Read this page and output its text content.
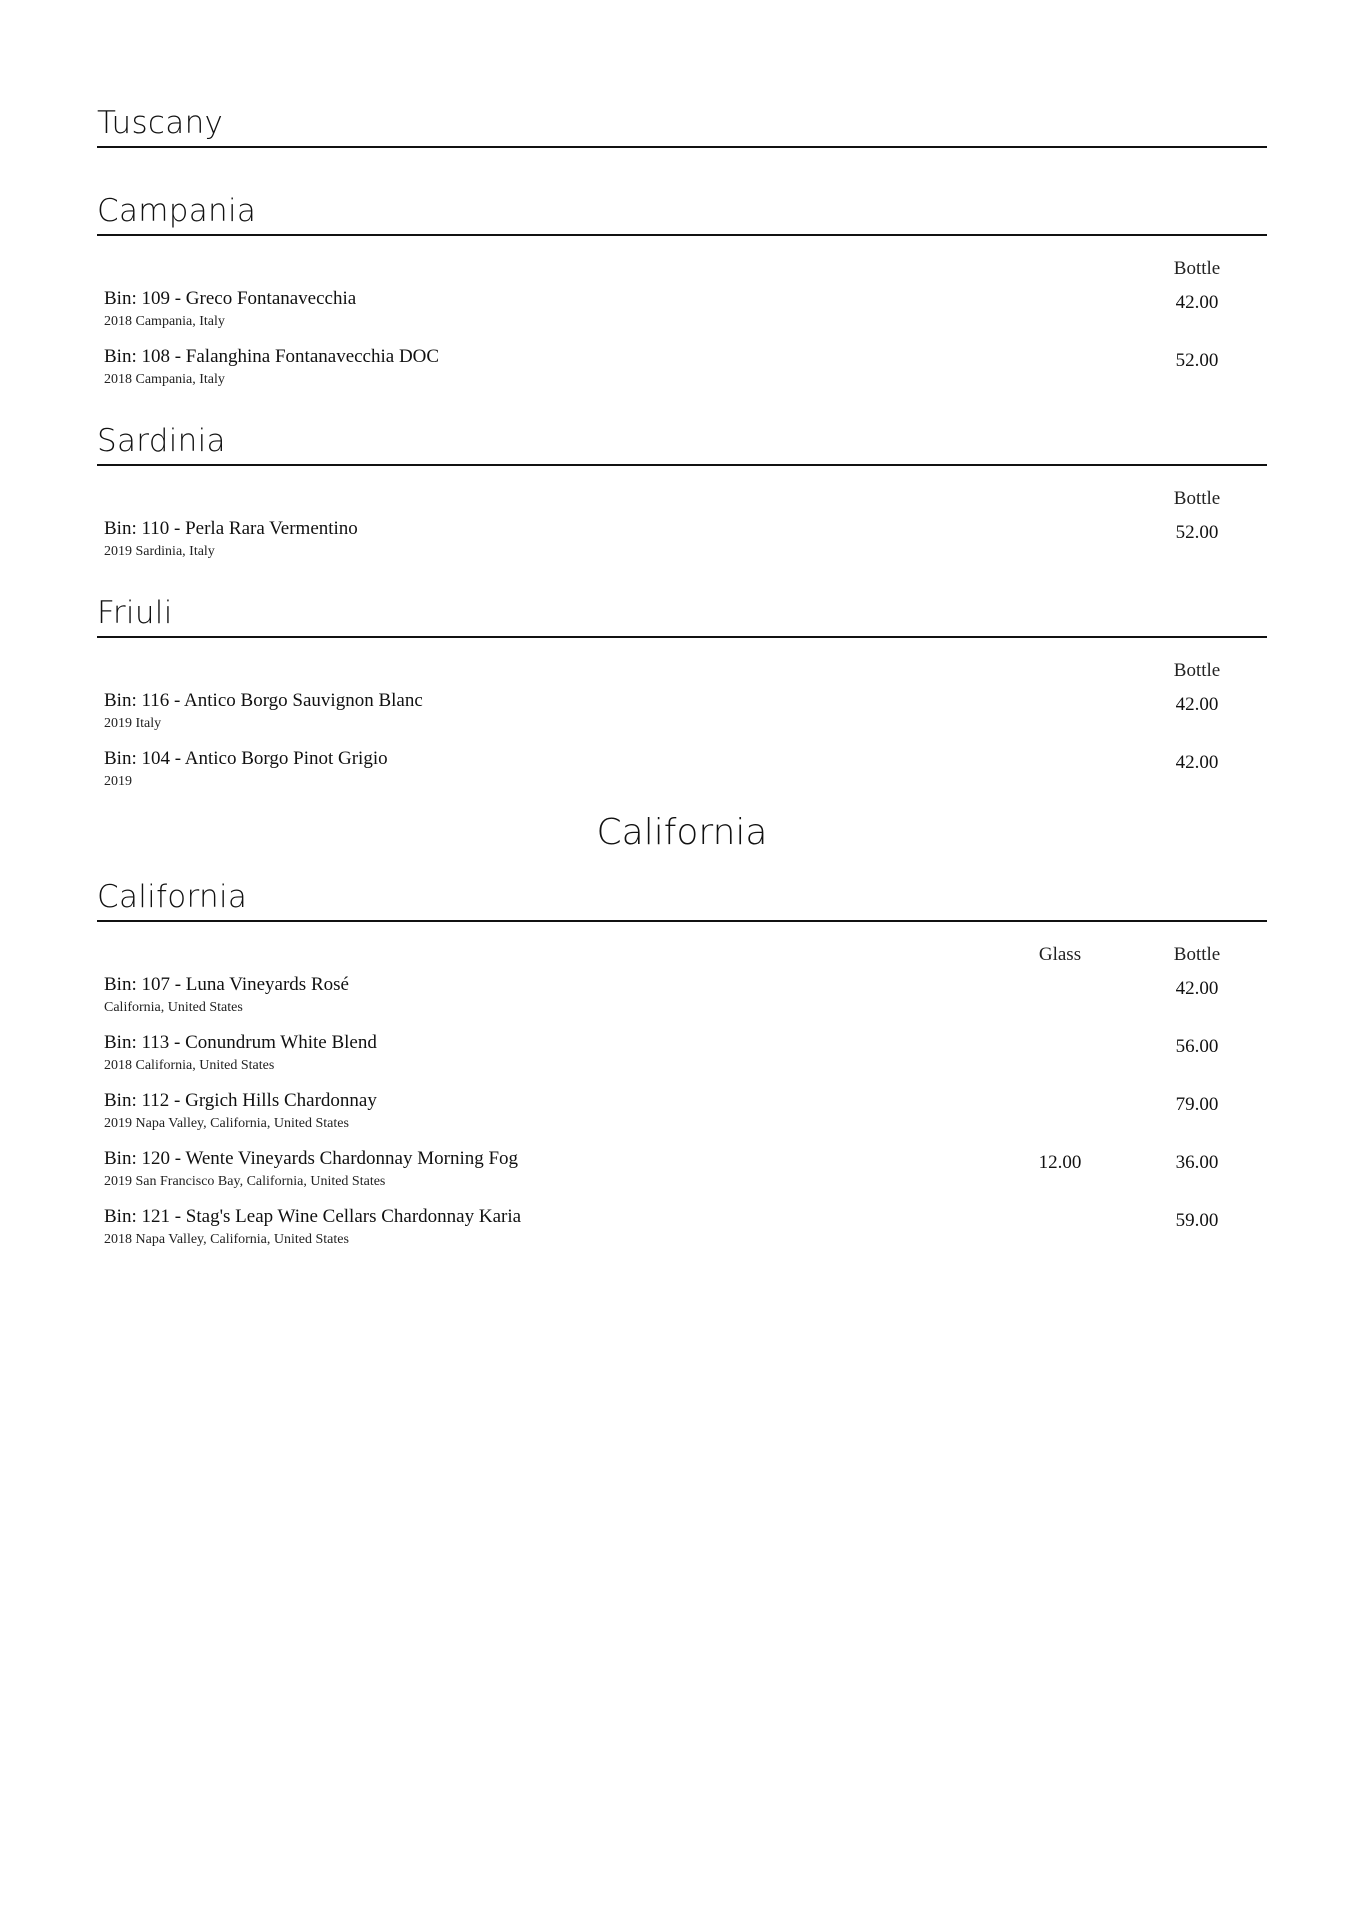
Tuscany
Campania
Bottle
Bin: 109 - Greco Fontanavecchia
2018 Campania, Italy
42.00
Bin: 108 - Falanghina Fontanavecchia DOC
2018 Campania, Italy
52.00
Sardinia
Bottle
Bin: 110 - Perla Rara Vermentino
2019 Sardinia, Italy
52.00
Friuli
Bottle
Bin: 116 - Antico Borgo Sauvignon Blanc
2019 Italy
42.00
Bin: 104 - Antico Borgo Pinot Grigio
2019
42.00
California
California
Glass	Bottle
Bin: 107 - Luna Vineyards Rosé
California, United States
42.00
Bin: 113 - Conundrum White Blend
2018 California, United States
56.00
Bin: 112 - Grgich Hills Chardonnay
2019 Napa Valley, California, United States
79.00
Bin: 120 - Wente Vineyards Chardonnay Morning Fog
2019 San Francisco Bay, California, United States
12.00	36.00
Bin: 121 - Stag's Leap Wine Cellars Chardonnay Karia
2018 Napa Valley, California, United States
59.00
